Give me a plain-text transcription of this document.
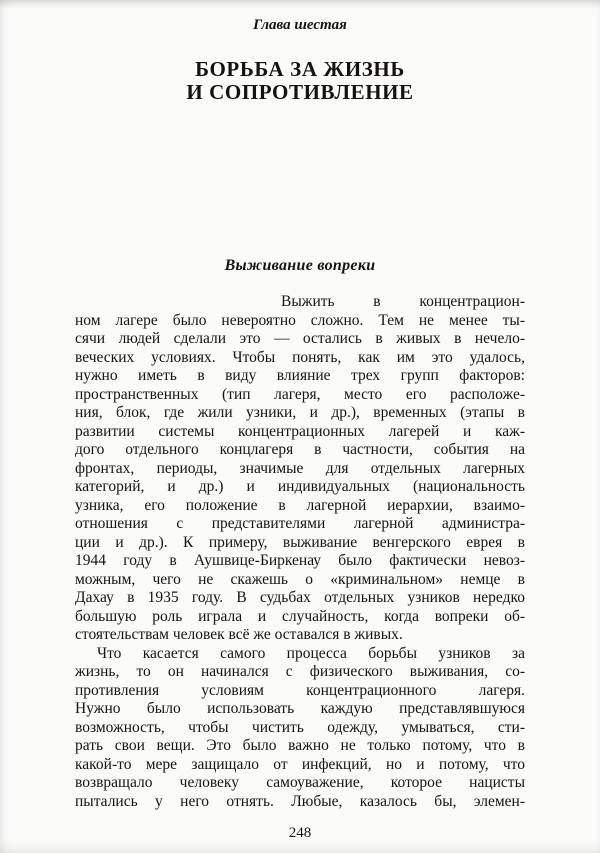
Глава шестая
БОРЬБА ЗА ЖИЗНЬ
И СОПРОТИВЛЕНИЕ
Выживание вопреки
Выжить в концентрацион-
ном лагере было невероятно сложно. Тем не менее ты-
сячи людей сделали это — остались в живых в нечело-
веческих условиях. Чтобы понять, как им это удалось,
нужно иметь в виду влияние трех групп факторов:
пространственных (тип лагеря, место его расположе-
ния, блок, где жили узники, и др.), временных (этапы в
развитии системы концентрационных лагерей и каж-
дого отдельного концлагеря в частности, события на
фронтах, периоды, значимые для отдельных лагерных
категорий, и др.) и индивидуальных (национальность
узника, его положение в лагерной иерархии, взаимо-
отношения с представителями лагерной администра-
ции и др.). К примеру, выживание венгерского еврея в
1944 году в Аушвице-Биркенау было фактически невоз-
можным, чего не скажешь о «криминальном» немце в
Дахау в 1935 году. В судьбах отдельных узников нередко
большую роль играла и случайность, когда вопреки об-
стоятельствам человек всё же оставался в живых.
Что касается самого процесса борьбы узников за
жизнь, то он начинался с физического выживания, со-
противления условиям концентрационного лагеря.
Нужно было использовать каждую представлявшуюся
возможность, чтобы чистить одежду, умываться, сти-
рать свои вещи. Это было важно не только потому, что в
какой-то мере защищало от инфекций, но и потому, что
возвращало человеку самоуважение, которое нацисты
пытались у него отнять. Любые, казалось бы, элемен-
248
